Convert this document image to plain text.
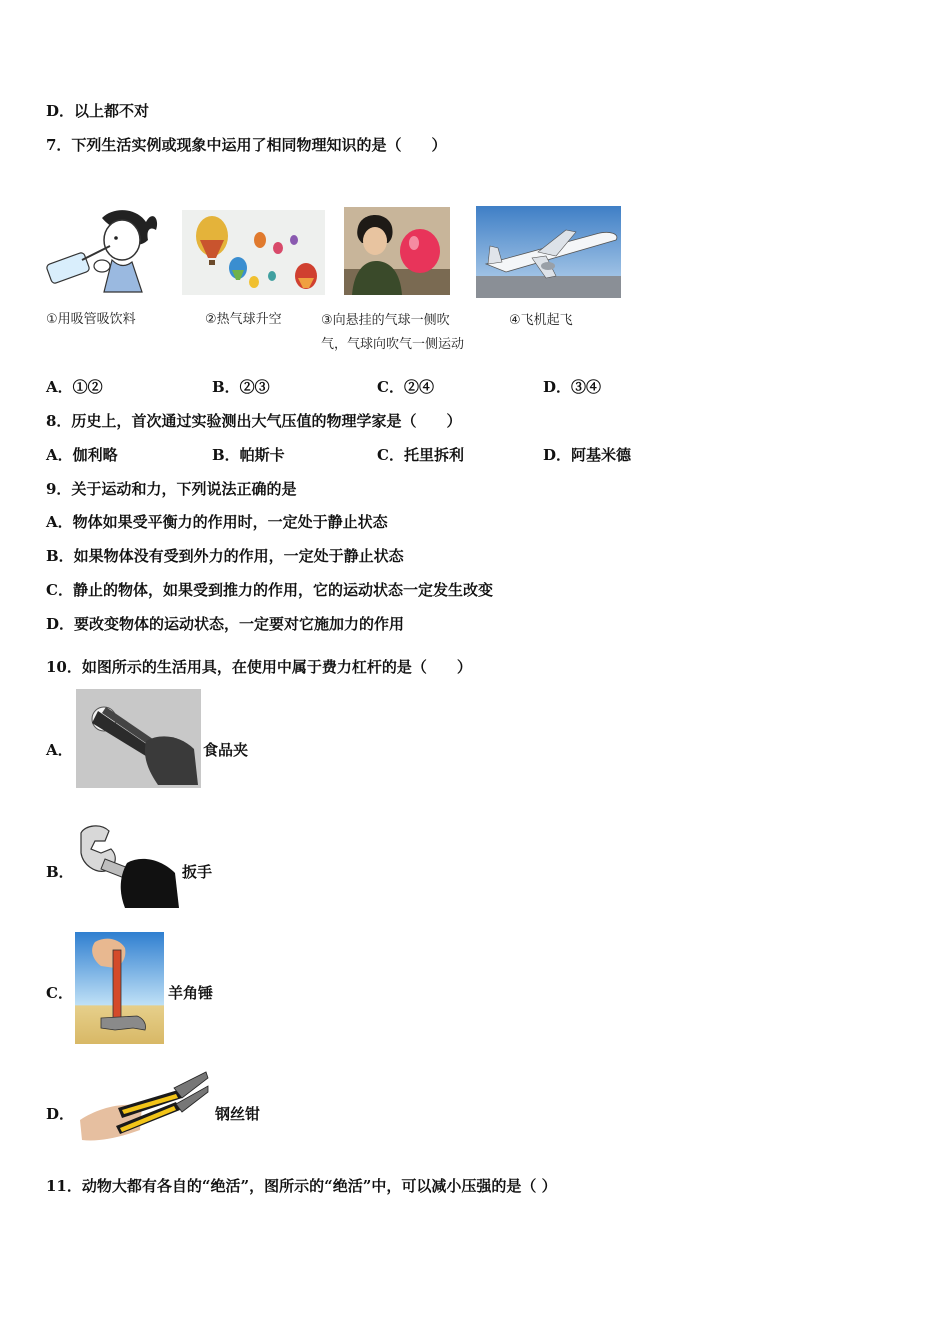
D．以上都不对
7．下列生活实例或现象中运用了相同物理知识的是（　　）
①用吸管吸饮料	②热气球升空	③向悬挂的气球一侧吹
气，气球向吹气一侧运动
④飞机起飞
A．①②	B．②③	C．②④	D．③④
8．历史上，首次通过实验测出大气压值的物理学家是（　　）
A．伽利略	B．帕斯卡	C．托里拆利	D．阿基米德
9．关于运动和力，下列说法正确的是
A．物体如果受平衡力的作用时，一定处于静止状态
B．如果物体没有受到外力的作用，一定处于静止状态
C．静止的物体，如果受到推力的作用，它的运动状态一定发生改变
D．要改变物体的运动状态，一定要对它施加力的作用
10．如图所示的生活用具，在使用中属于费力杠杆的是（　　）
A．	食品夹
B．	扳手
C．	羊角锤
D．	钢丝钳
11．动物大都有各自的“绝活”，图所示的“绝活”中，可以减小压强的是（ ）
